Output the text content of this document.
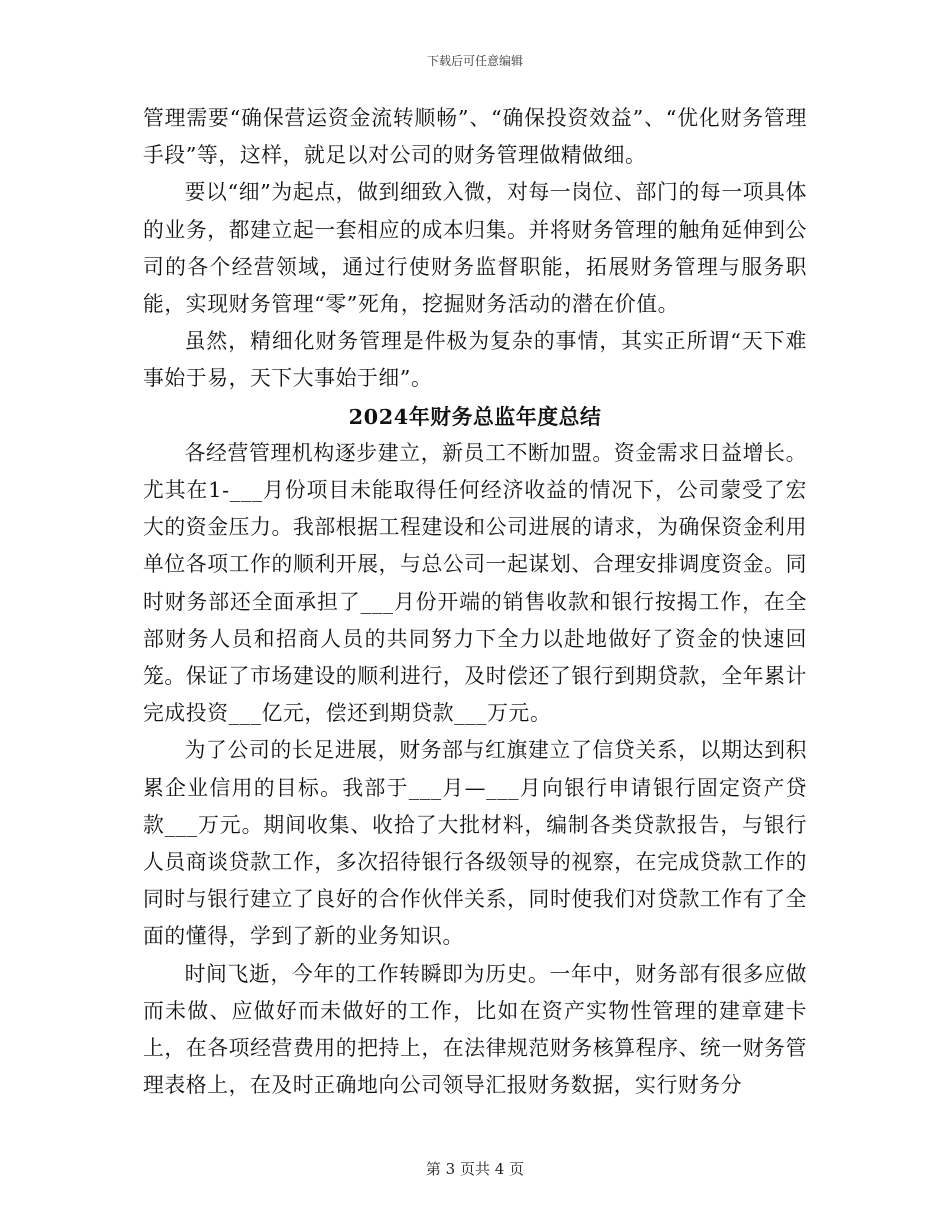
下载后可任意编辑

管理需要“确保营运资金流转顺畅”、“确保投资效益”、“优化财务管理手段”等，这样，就足以对公司的财务管理做精做细。

要以“细”为起点，做到细致入微，对每一岗位、部门的每一项具体的业务，都建立起一套相应的成本归集。并将财务管理的触角延伸到公司的各个经营领域，通过行使财务监督职能，拓展财务管理与服务职能，实现财务管理“零”死角，挖掘财务活动的潜在价值。

虽然，精细化财务管理是件极为复杂的事情，其实正所谓“天下难事始于易，天下大事始于细”。

2024年财务总监年度总结

各经营管理机构逐步建立，新员工不断加盟。资金需求日益增长。尤其在1-___月份项目未能取得任何经济收益的情况下，公司蒙受了宏大的资金压力。我部根据工程建设和公司进展的请求，为确保资金利用单位各项工作的顺利开展，与总公司一起谋划、合理安排调度资金。同时财务部还全面承担了___月份开端的销售收款和银行按揭工作，在全部财务人员和招商人员的共同努力下全力以赴地做好了资金的快速回笼。保证了市场建设的顺利进行，及时偿还了银行到期贷款，全年累计完成投资___亿元，偿还到期贷款___万元。

为了公司的长足进展，财务部与红旗建立了信贷关系，以期达到积累企业信用的目标。我部于___月—___月向银行申请银行固定资产贷款___万元。期间收集、收拾了大批材料，编制各类贷款报告，与银行人员商谈贷款工作，多次招待银行各级领导的视察，在完成贷款工作的同时与银行建立了良好的合作伙伴关系，同时使我们对贷款工作有了全面的懂得，学到了新的业务知识。

时间飞逝，今年的工作转瞬即为历史。一年中，财务部有很多应做而未做、应做好而未做好的工作，比如在资产实物性管理的建章建卡上，在各项经营费用的把持上，在法律规范财务核算程序、统一财务管理表格上，在及时正确地向公司领导汇报财务数据，实行财务分

第 3 页共 4 页
